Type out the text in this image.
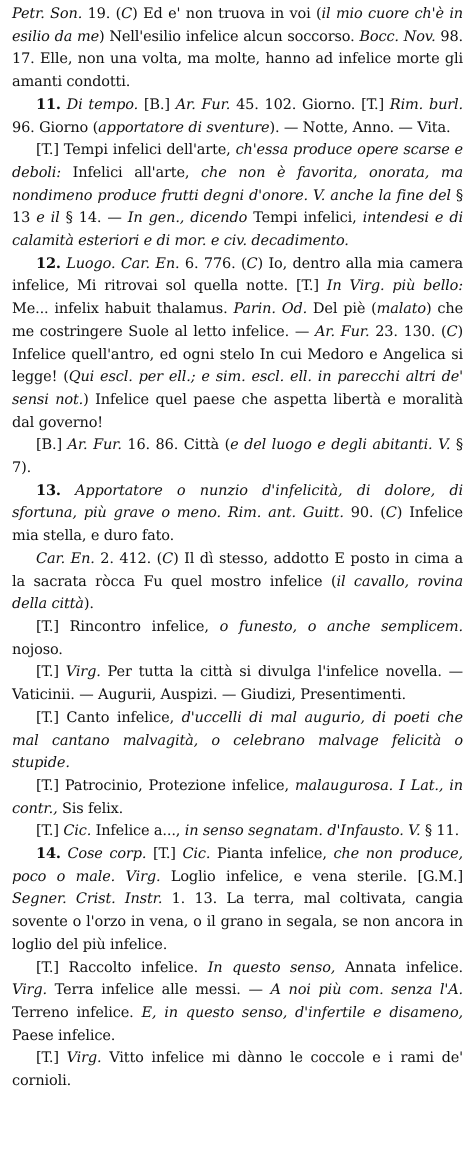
Petr. Son. 19. (C) Ed e' non truova in voi (il mio cuore ch'è in esilio da me) Nell'esilio infelice alcun soccorso. Bocc. Nov. 98. 17. Elle, non una volta, ma molte, hanno ad infelice morte gli amanti condotti.

11. Di tempo. [B.] Ar. Fur. 45. 102. Giorno. [T.] Rim. burl. 96. Giorno (apportatore di sventure). — Notte, Anno. — Vita.

[T.] Tempi infelici dell'arte, ch'essa produce opere scarse e deboli: Infelici all'arte, che non è favorita, onorata, ma nondimeno produce frutti degni d'onore. V. anche la fine del § 13 e il § 14. — In gen., dicendo Tempi infelici, intendesi e di calamità esteriori e di mor. e civ. decadimento.

12. Luogo. Car. En. 6. 776. (C) Io, dentro alla mia camera infelice, Mi ritrovai sol quella notte. [T.] In Virg. più bello: Me... infelix habuit thalamus. Parin. Od. Del piè (malato) che me costringere Suole al letto infelice. — Ar. Fur. 23. 130. (C) Infelice quell'antro, ed ogni stelo In cui Medoro e Angelica si legge! (Qui escl. per ell.; e sim. escl. ell. in parecchi altri de' sensi not.) Infelice quel paese che aspetta libertà e moralità dal governo!

[B.] Ar. Fur. 16. 86. Città (e del luogo e degli abitanti. V. § 7).

13. Apportatore o nunzio d'infelicità, di dolore, di sfortuna, più grave o meno. Rim. ant. Guitt. 90. (C) Infelice mia stella, e duro fato.

Car. En. 2. 412. (C) Il dì stesso, addotto E posto in cima a la sacrata ròcca Fu quel mostro infelice (il cavallo, rovina della città).

[T.] Rincontro infelice, o funesto, o anche semplicem. nojoso.

[T.] Virg. Per tutta la città si divulga l'infelice novella. — Vaticinii. — Augurii, Auspizi. — Giudizi, Presentimenti.

[T.] Canto infelice, d'uccelli di mal augurio, di poeti che mal cantano malvagità, o celebrano malvage felicità o stupide.

[T.] Patrocinio, Protezione infelice, malaugurosa. I Lat., in contr., Sis felix.

[T.] Cic. Infelice a..., in senso segnatam. d'Infausto. V. § 11.

14. Cose corp. [T.] Cic. Pianta infelice, che non produce, poco o male. Virg. Loglio infelice, e vena sterile. [G.M.] Segner. Crist. Instr. 1. 13. La terra, mal coltivata, cangia sovente o l'orzo in vena, o il grano in segala, se non ancora in loglio del più infelice.

[T.] Raccolto infelice. In questo senso, Annata infelice. Virg. Terra infelice alle messi. — A noi più com. senza l'A. Terreno infelice. E, in questo senso, d'infertile e disameno, Paese infelice.

[T.] Virg. Vitto infelice mi dànno le coccole e i rami de' cornioli.
